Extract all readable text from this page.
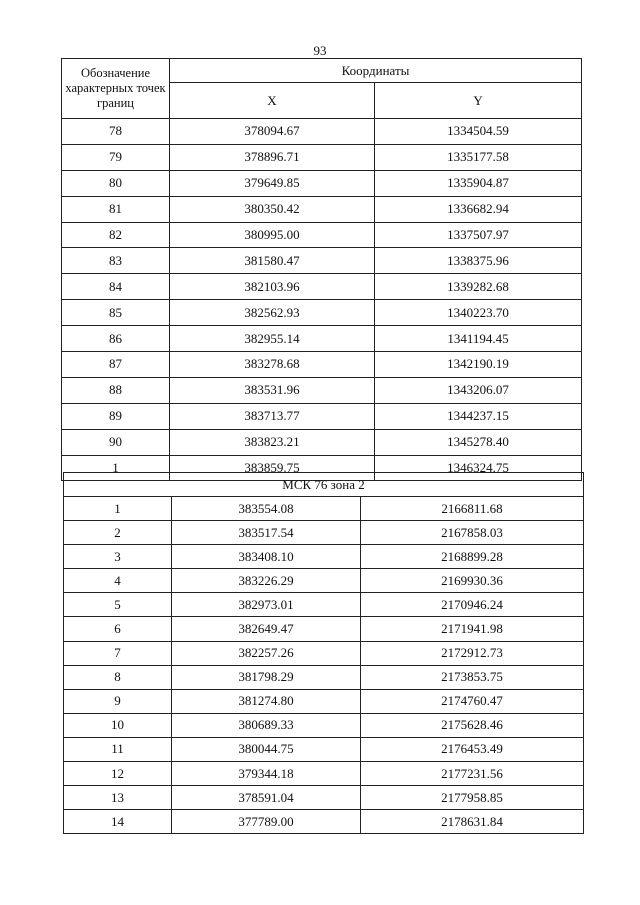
93
Обозначение характерных точек границ	Координаты	
	X	Y
78	378094.67	1334504.59
79	378896.71	1335177.58
80	379649.85	1335904.87
81	380350.42	1336682.94
82	380995.00	1337507.97
83	381580.47	1338375.96
84	382103.96	1339282.68
85	382562.93	1340223.70
86	382955.14	1341194.45
87	383278.68	1342190.19
88	383531.96	1343206.07
89	383713.77	1344237.15
90	383823.21	1345278.40
1	383859.75	1346324.75
МСК 76 зона 2		
1	383554.08	2166811.68
2	383517.54	2167858.03
3	383408.10	2168899.28
4	383226.29	2169930.36
5	382973.01	2170946.24
6	382649.47	2171941.98
7	382257.26	2172912.73
8	381798.29	2173853.75
9	381274.80	2174760.47
10	380689.33	2175628.46
11	380044.75	2176453.49
12	379344.18	2177231.56
13	378591.04	2177958.85
14	377789.00	2178631.84
